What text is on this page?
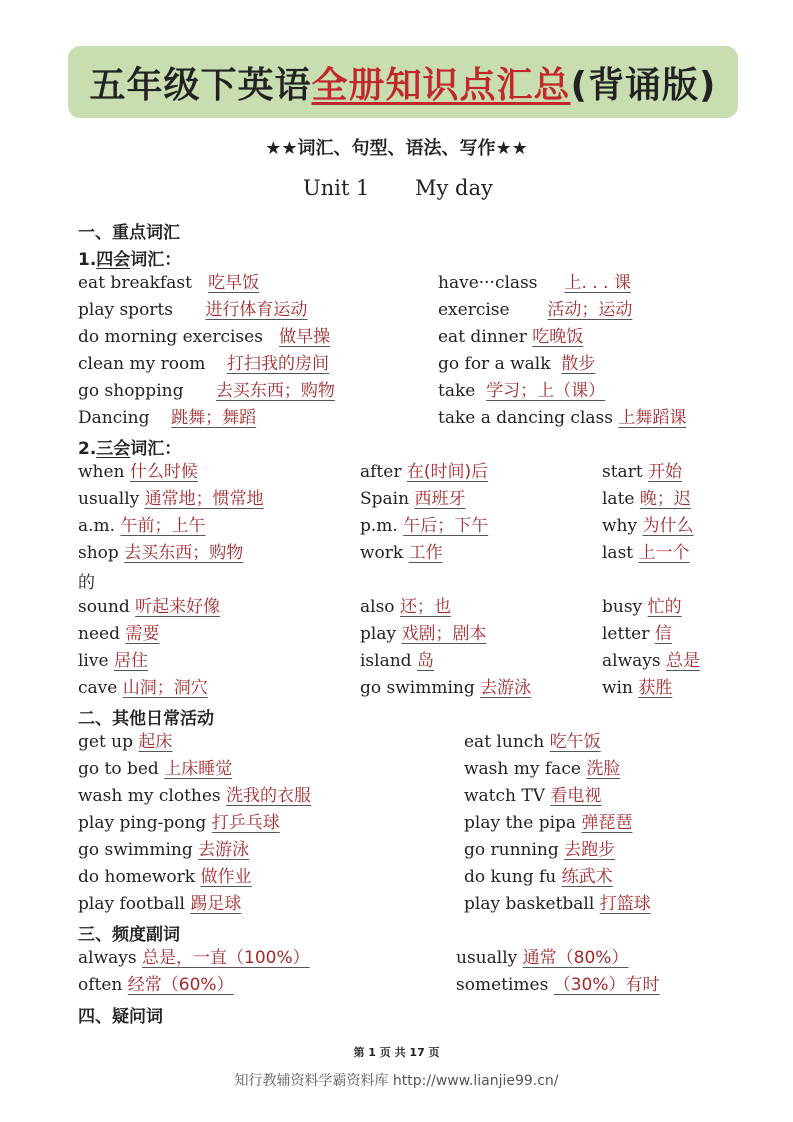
五年级下英语 全册知识点汇总 (背诵版)
★★词汇、句型、语法、写作★★
Unit 1 My day
一、重点词汇
1.四会词汇：
eat breakfast 吃早饭	have···class 上. . . 课
play sports 进行体育运动	exercise 活动；运动
do morning exercises 做早操	eat dinner 吃晚饭
clean my room 打扫我的房间	go for a walk 散步
go shopping 去买东西；购物	take 学习；上（课）
Dancing 跳舞；舞蹈	take a dancing class 上舞蹈课
2.三会词汇：
when 什么时候	after 在(时间)后	start 开始
usually 通常地；惯常地	Spain 西班牙	late 晚；迟
a.m. 午前；上午	p.m. 午后；下午	why 为什么
shop 去买东西；购物	work 工作	last 上一个
sound 听起来好像	also 还；也	busy 忙的
need 需要	play 戏剧；剧本	letter 信
live 居住	island 岛	always 总是
cave 山洞；洞穴	go swimming 去游泳	win 获胜
的
二、其他日常活动
get up 起床	eat lunch 吃午饭
go to bed 上床睡觉	wash my face 洗脸
wash my clothes 洗我的衣服	watch TV 看电视
play ping-pong 打乒乓球	play the pipa 弹琵琶
go swimming 去游泳	go running 去跑步
do homework 做作业	do kung fu 练武术
play football 踢足球	play basketball 打篮球
三、频度副词
always 总是，一直（100%）	usually 通常（80%）
often 经常（60%）	sometimes （30%）有时
四、疑问词
第 1 页 共 17 页
知行教辅资料学霸资料库 http://www.lianjie99.cn/
